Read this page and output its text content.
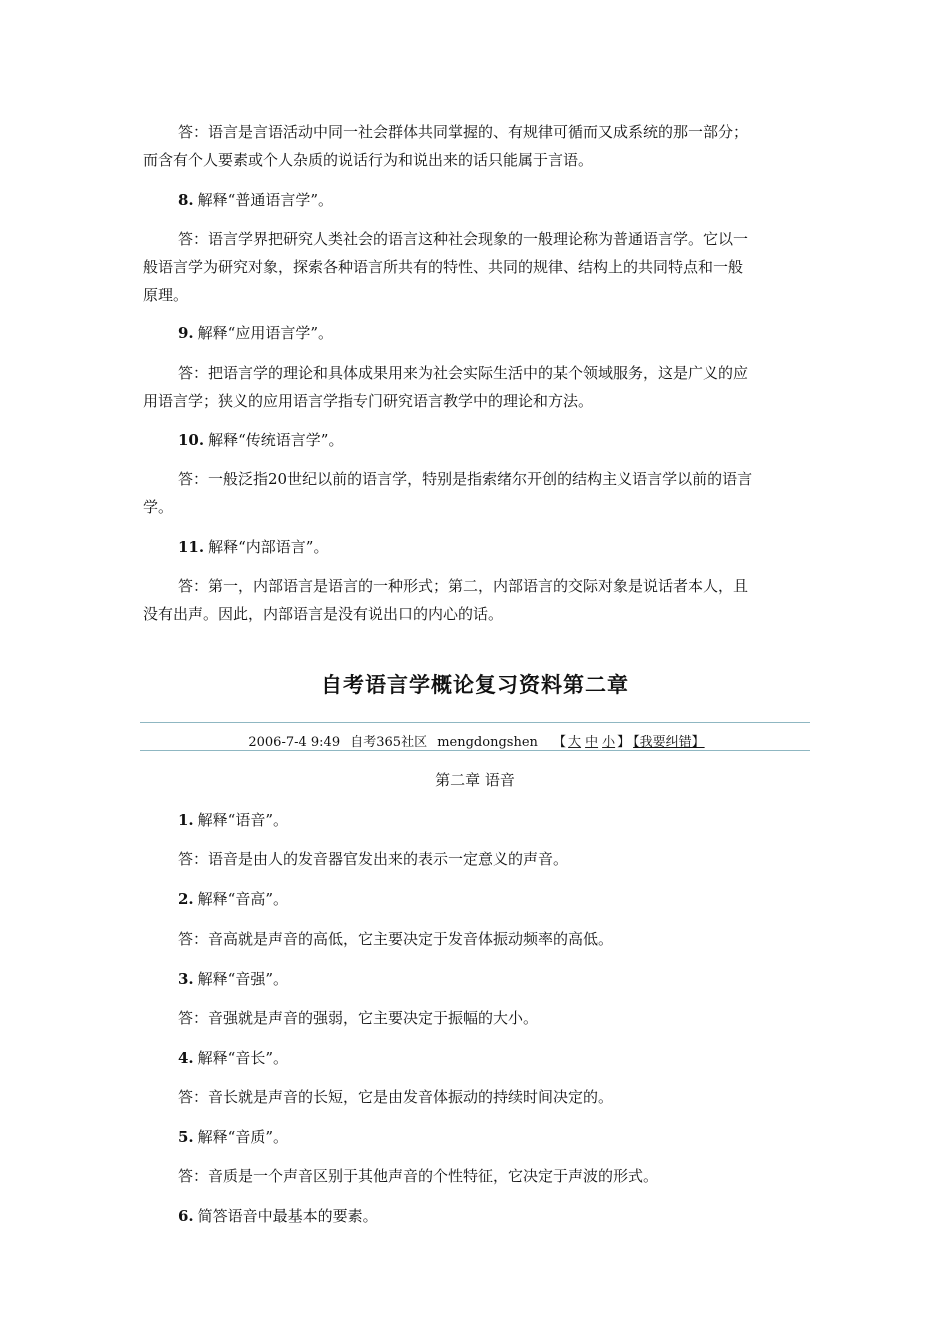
答：语言是言语活动中同一社会群体共同掌握的、有规律可循而又成系统的那一部分；
而含有个人要素或个人杂质的说话行为和说出来的话只能属于言语。
8. 解释“普通语言学”。
答：语言学界把研究人类社会的语言这种社会现象的一般理论称为普通语言学。它以一
般语言学为研究对象，探索各种语言所共有的特性、共同的规律、结构上的共同特点和一般
原理。
9. 解释“应用语言学”。
答：把语言学的理论和具体成果用来为社会实际生活中的某个领域服务，这是广义的应
用语言学；狭义的应用语言学指专门研究语言教学中的理论和方法。
10. 解释“传统语言学”。
答：一般泛指20世纪以前的语言学，特别是指索绪尔开创的结构主义语言学以前的语言
学。
11. 解释“内部语言”。
答：第一，内部语言是语言的一种形式；第二，内部语言的交际对象是说话者本人，且
没有出声。因此，内部语言是没有说出口的内心的话。
自考语言学概论复习资料第二章
2006-7-4 9:49 自考365社区 mengdongshen 【 大 中 小 】 【我要纠错】
第二章 语音
1. 解释“语音”。
答：语音是由人的发音器官发出来的表示一定意义的声音。
2. 解释“音高”。
答：音高就是声音的高低，它主要决定于发音体振动频率的高低。
3. 解释“音强”。
答：音强就是声音的强弱，它主要决定于振幅的大小。
4. 解释“音长”。
答：音长就是声音的长短，它是由发音体振动的持续时间决定的。
5. 解释“音质”。
答：音质是一个声音区别于其他声音的个性特征，它决定于声波的形式。
6. 简答语音中最基本的要素。
